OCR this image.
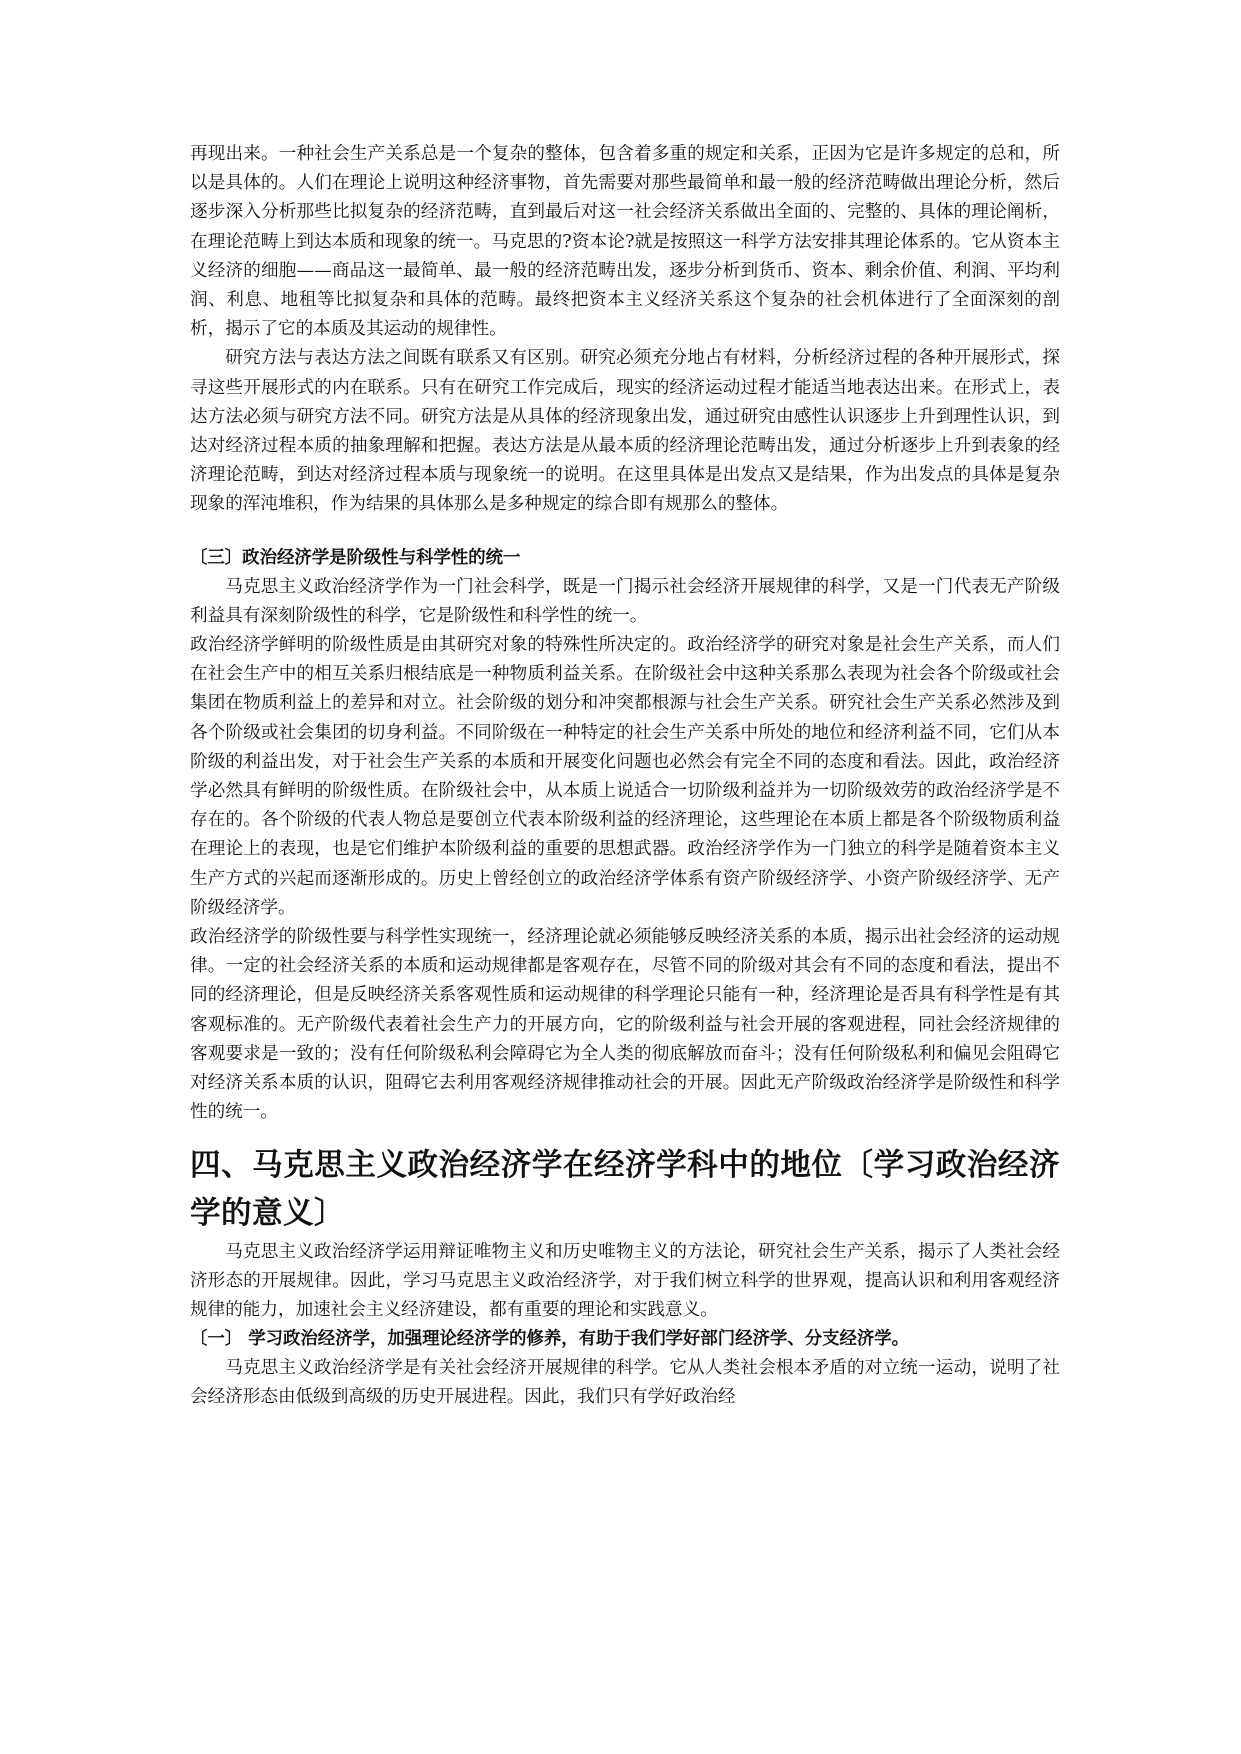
再现出来。一种社会生产关系总是一个复杂的整体，包含着多重的规定和关系，正因为它是许多规定的总和，所以是具体的。人们在理论上说明这种经济事物，首先需要对那些最简单和最一般的经济范畴做出理论分析，然后逐步深入分析那些比拟复杂的经济范畴，直到最后对这一社会经济关系做出全面的、完整的、具体的理论阐析，在理论范畴上到达本质和现象的统一。马克思的?资本论?就是按照这一科学方法安排其理论体系的。它从资本主义经济的细胞——商品这一最简单、最一般的经济范畴出发，逐步分析到货币、资本、剩余价值、利润、平均利润、利息、地租等比拟复杂和具体的范畴。最终把资本主义经济关系这个复杂的社会机体进行了全面深刻的剖析，揭示了它的本质及其运动的规律性。

研究方法与表达方法之间既有联系又有区别。研究必须充分地占有材料，分析经济过程的各种开展形式，探寻这些开展形式的内在联系。只有在研究工作完成后，现实的经济运动过程才能适当地表达出来。在形式上，表达方法必须与研究方法不同。研究方法是从具体的经济现象出发，通过研究由感性认识逐步上升到理性认识，到达对经济过程本质的抽象理解和把握。表达方法是从最本质的经济理论范畴出发，通过分析逐步上升到表象的经济理论范畴，到达对经济过程本质与现象统一的说明。在这里具体是出发点又是结果，作为出发点的具体是复杂现象的浑沌堆积，作为结果的具体那么是多种规定的综合即有规那么的整体。

〔三〕政治经济学是阶级性与科学性的统一

马克思主义政治经济学作为一门社会科学，既是一门揭示社会经济开展规律的科学，又是一门代表无产阶级利益具有深刻阶级性的科学，它是阶级性和科学性的统一。

政治经济学鲜明的阶级性质是由其研究对象的特殊性所决定的。政治经济学的研究对象是社会生产关系，而人们在社会生产中的相互关系归根结底是一种物质利益关系。在阶级社会中这种关系那么表现为社会各个阶级或社会集团在物质利益上的差异和对立。社会阶级的划分和冲突都根源与社会生产关系。研究社会生产关系必然涉及到各个阶级或社会集团的切身利益。不同阶级在一种特定的社会生产关系中所处的地位和经济利益不同，它们从本阶级的利益出发，对于社会生产关系的本质和开展变化问题也必然会有完全不同的态度和看法。因此，政治经济学必然具有鲜明的阶级性质。在阶级社会中，从本质上说适合一切阶级利益并为一切阶级效劳的政治经济学是不存在的。各个阶级的代表人物总是要创立代表本阶级利益的经济理论，这些理论在本质上都是各个阶级物质利益在理论上的表现，也是它们维护本阶级利益的重要的思想武器。政治经济学作为一门独立的科学是随着资本主义生产方式的兴起而逐渐形成的。历史上曾经创立的政治经济学体系有资产阶级经济学、小资产阶级经济学、无产阶级经济学。

政治经济学的阶级性要与科学性实现统一，经济理论就必须能够反映经济关系的本质，揭示出社会经济的运动规律。一定的社会经济关系的本质和运动规律都是客观存在，尽管不同的阶级对其会有不同的态度和看法，提出不同的经济理论，但是反映经济关系客观性质和运动规律的科学理论只能有一种，经济理论是否具有科学性是有其客观标准的。无产阶级代表着社会生产力的开展方向，它的阶级利益与社会开展的客观进程，同社会经济规律的客观要求是一致的；没有任何阶级私利会障碍它为全人类的彻底解放而奋斗；没有任何阶级私利和偏见会阻碍它对经济关系本质的认识，阻碍它去利用客观经济规律推动社会的开展。因此无产阶级政治经济学是阶级性和科学性的统一。

四、马克思主义政治经济学在经济学科中的地位〔学习政治经济学的意义〕

马克思主义政治经济学运用辩证唯物主义和历史唯物主义的方法论，研究社会生产关系，揭示了人类社会经济形态的开展规律。因此，学习马克思主义政治经济学，对于我们树立科学的世界观，提高认识和利用客观经济规律的能力，加速社会主义经济建设，都有重要的理论和实践意义。

〔一〕 学习政治经济学，加强理论经济学的修养，有助于我们学好部门经济学、分支经济学。

马克思主义政治经济学是有关社会经济开展规律的科学。它从人类社会根本矛盾的对立统一运动，说明了社会经济形态由低级到高级的历史开展进程。因此，我们只有学好政治经
